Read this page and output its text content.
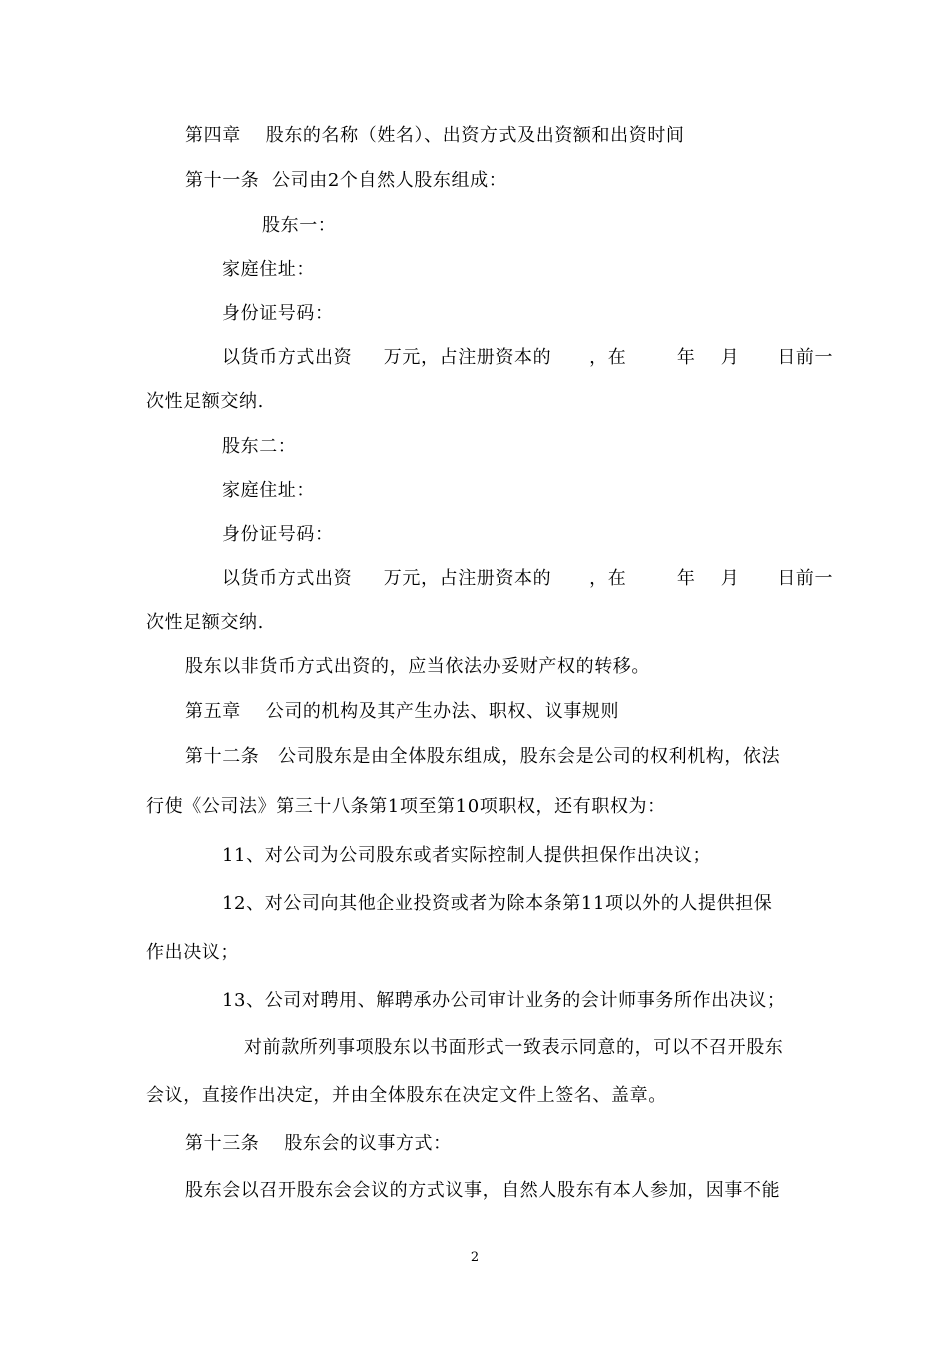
第四章　 股东的名称（姓名）、出资方式及出资额和出资时间
第十一条  公司由2个自然人股东组成：
股东一：
家庭住址：
身份证号码：
以货币方式出资     万元，占注册资本的      ，在        年    月      日前一
次性足额交纳.
股东二：
家庭住址：
身份证号码：
以货币方式出资     万元，占注册资本的      ，在        年    月      日前一
次性足额交纳.
股东以非货币方式出资的，应当依法办妥财产权的转移。
第五章　 公司的机构及其产生办法、职权、议事规则
第十二条　公司股东是由全体股东组成，股东会是公司的权利机构，依法
行使《公司法》第三十八条第1项至第10项职权，还有职权为：
11、对公司为公司股东或者实际控制人提供担保作出决议；
12、对公司向其他企业投资或者为除本条第11项以外的人提供担保
作出决议；
13、公司对聘用、解聘承办公司审计业务的会计师事务所作出决议；
对前款所列事项股东以书面形式一致表示同意的，可以不召开股东
会议，直接作出决定，并由全体股东在决定文件上签名、盖章。
第十三条　 股东会的议事方式：
股东会以召开股东会会议的方式议事，自然人股东有本人参加，因事不能
2
